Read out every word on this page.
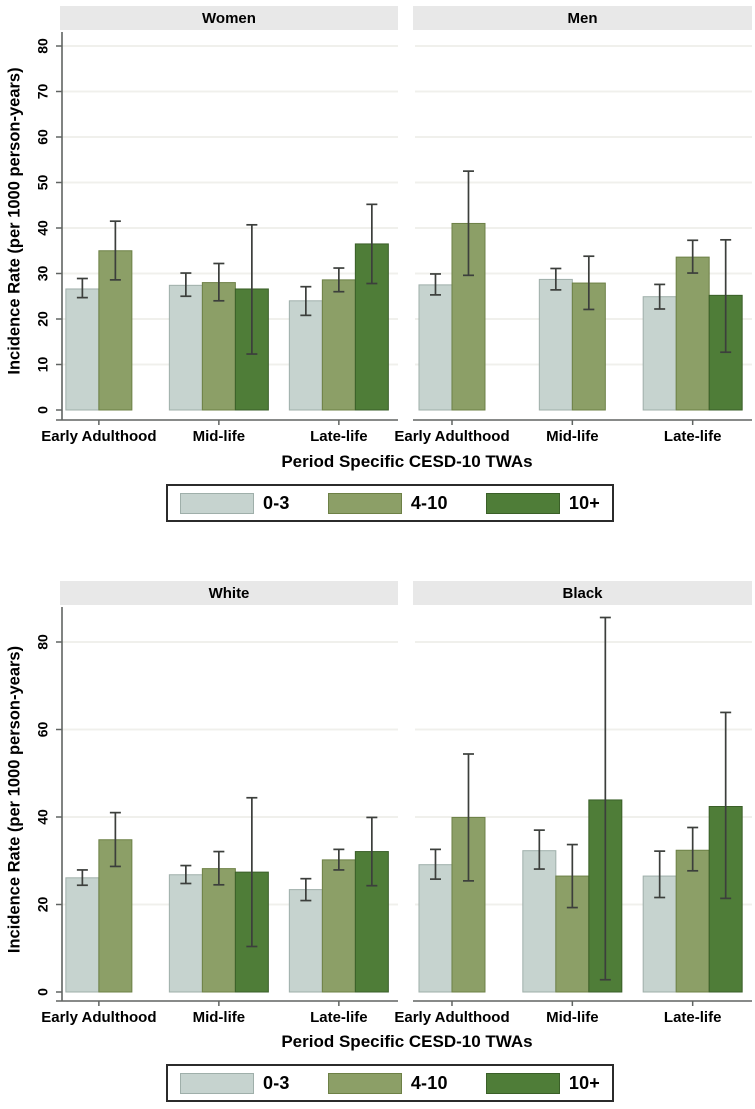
Women
Early Adulthood Mid-life	Late-life
Men
Early Adulthood Mid-life	Late-life
0
10
20
30
40
50
60
70
80
Incidence Rate (per 1000 person-years)
Period Specific CESD-10 TWAs
0-3	4-10	10+
White
Early Adulthood Mid-life	Late-life
Black
Early Adulthood Mid-life	Late-life
0
20
40
60
80
Incidence Rate (per 1000 person-years)
Period Specific CESD-10 TWAs
0-3	4-10	10+
